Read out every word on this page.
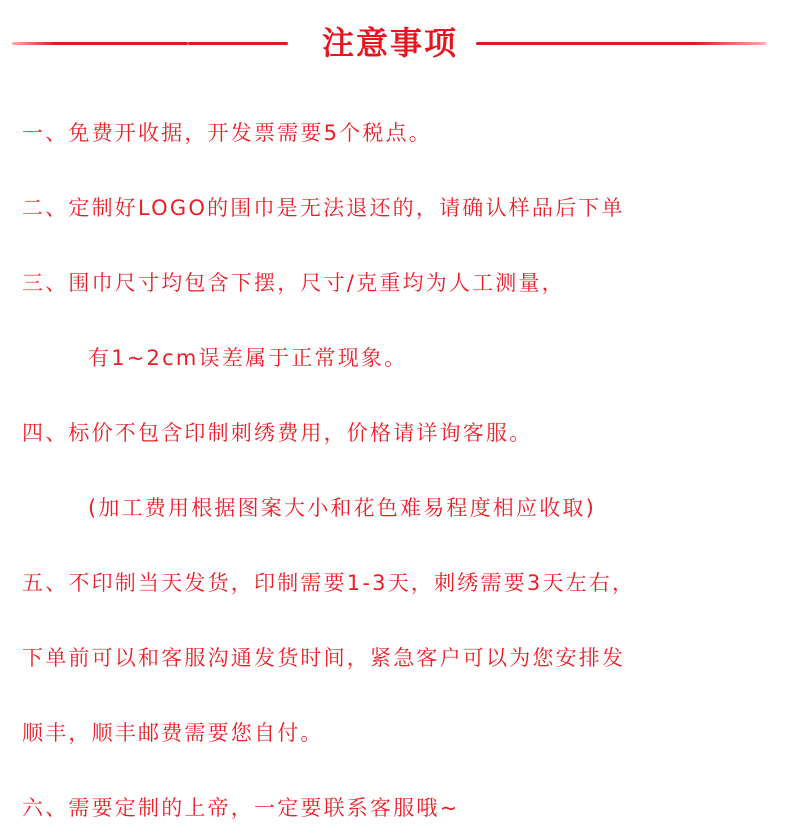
注意事项
一、免费开收据，开发票需要5个税点。
二、定制好LOGO的围巾是无法退还的，请确认样品后下单
三、围巾尺寸均包含下摆，尺寸/克重均为人工测量，
有1~2cm误差属于正常现象。
四、标价不包含印制刺绣费用，价格请详询客服。
(加工费用根据图案大小和花色难易程度相应收取)
五、不印制当天发货，印制需要1-3天，刺绣需要3天左右，
下单前可以和客服沟通发货时间，紧急客户可以为您安排发
顺丰，顺丰邮费需要您自付。
六、需要定制的上帝，一定要联系客服哦~
